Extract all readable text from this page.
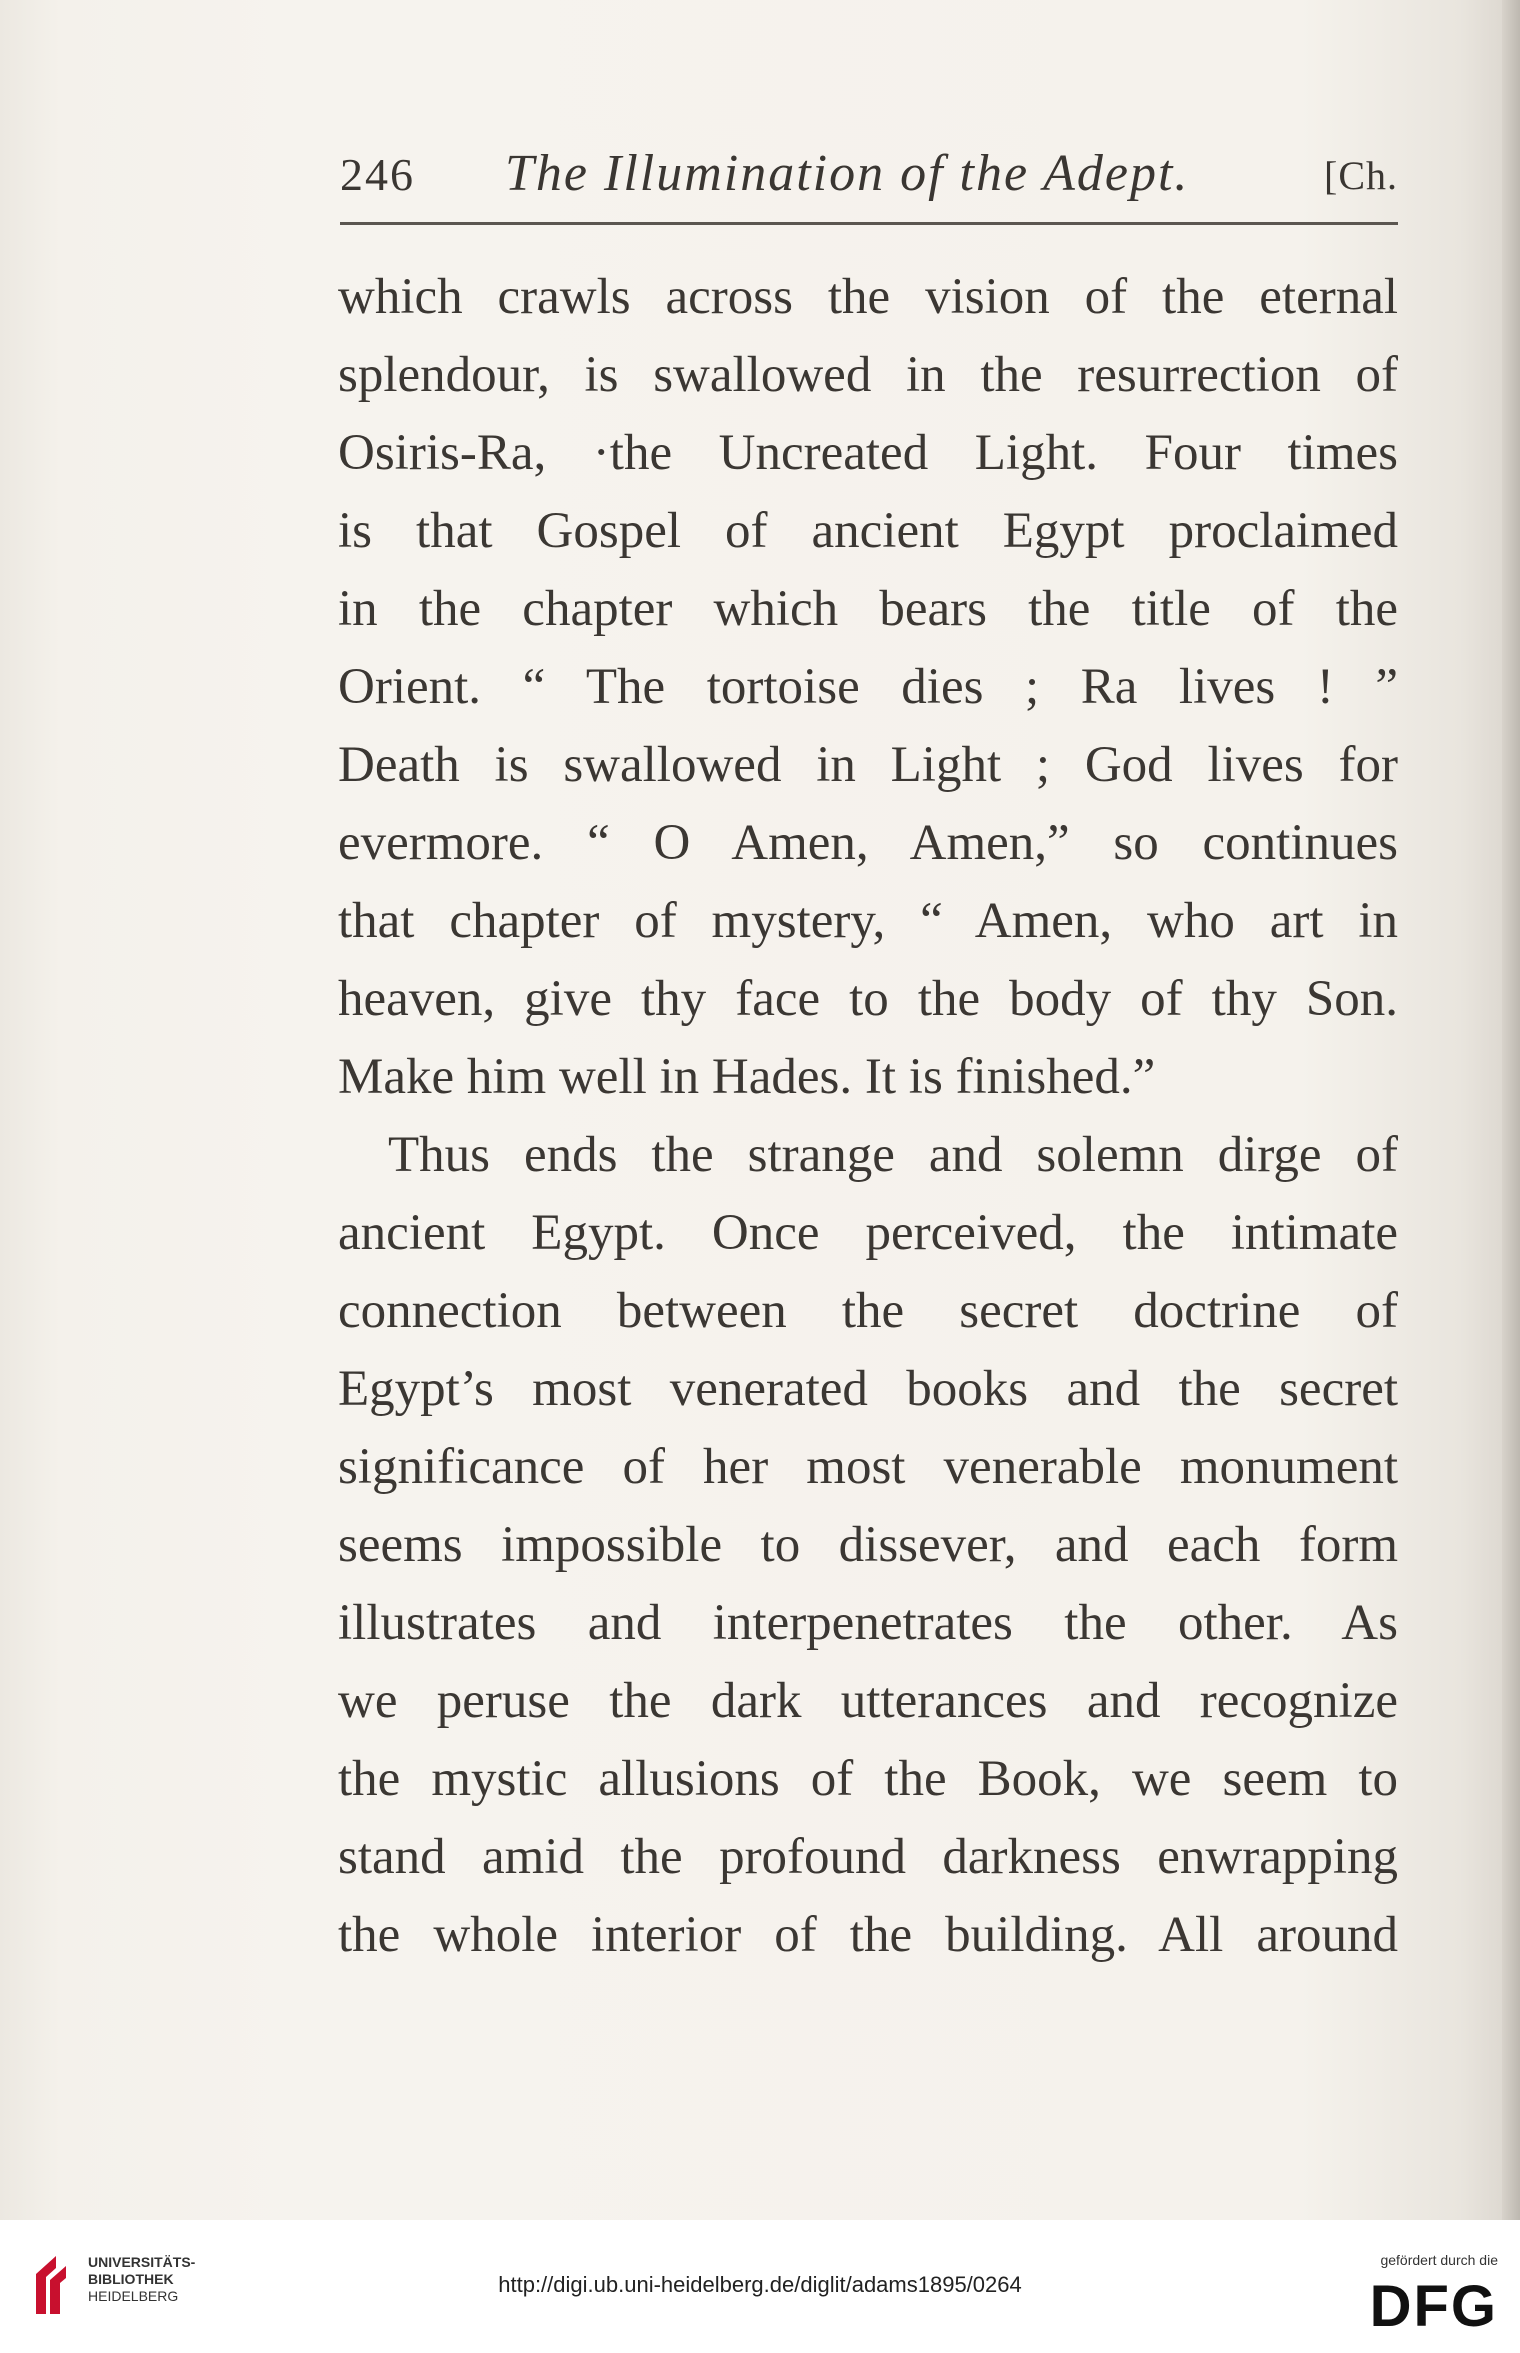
246 The Illumination of the Adept.	[Ch.
which crawls across the vision of the eternal
splendour, is swallowed in the resurrection of
Osiris-Ra, ·the Uncreated Light. Four times
is that Gospel of ancient Egypt proclaimed
in the chapter which bears the title of the
Orient. “ The tortoise dies ; Ra lives ! ”
Death is swallowed in Light ; God lives for
evermore. “ O Amen, Amen,” so continues
that chapter of mystery, “ Amen, who art in
heaven, give thy face to the body of thy Son.
Make him well in Hades. It is finished.”
Thus ends the strange and solemn dirge of
ancient Egypt. Once perceived, the intimate
connection between the secret doctrine of
Egypt’s most venerated books and the secret
significance of her most venerable monument
seems impossible to dissever, and each form
illustrates and interpenetrates the other. As
we peruse the dark utterances and recognize
the mystic allusions of the Book, we seem to
stand amid the profound darkness enwrapping
the whole interior of the building. All around
UNIVERSITÄTS-
BIBLIOTHEK
HEIDELBERG	http://digi.ub.uni-heidelberg.de/diglit/adams1895/0264
gefördert durch die
DFG
